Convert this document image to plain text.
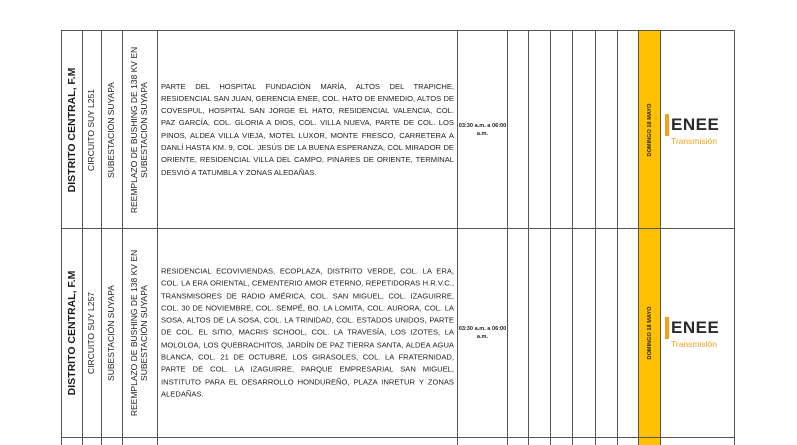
DISTRITO CENTRAL, F.M CIRCUITO SUY L251 SUBESTACIÓN SUYAPA REEMPLAZO DE BUSHING DE 138 KV EN SUBESTACIÓN SUYAPA PARTE DEL HOSPITAL FUNDACIÓN MARÍA, ALTOS DEL TRAPICHE, RESIDENCIAL SAN JUAN, GERENCIA ENEE, COL. HATO DE ENMEDIO, ALTOS DE COVESPUL, HOSPITAL SAN JORGE EL HATO, RESIDENCIAL VALENCIA, COL. PAZ GARCÍA, COL. GLORIA A DIOS, COL. VILLA NUEVA, PARTE DE COL. LOS PINOS, ALDEA VILLA VIEJA, MOTEL LUXOR, MONTE FRESCO, CARRETERA A DANLÍ HASTA KM. 9, COL. JESÚS DE LA BUENA ESPERANZA, COL MIRADOR DE ORIENTE, RESIDENCIAL VILLA DEL CAMPO, PINARES DE ORIENTE, TERMINAL DESVIÓ A TATUMBLA Y ZONAS ALEDAÑAS.
03:30 a.m. a 06:00 a.m.	DOMINGO 18 MAYO ENEE
Transmisión
DISTRITO CENTRAL, F.M CIRCUITO SUY L257 SUBESTACIÓN SUYAPA REEMPLAZO DE BUSHING DE 138 KV EN SUBESTACIÓN SUYAPA
RESIDENCIAL ECOVIVIENDAS, ECOPLAZA, DISTRITO VERDE, COL. LA ERA, COL. LA ERA ORIENTAL, CEMENTERIO AMOR ETERNO, REPETIDORAS H.R.V.C., TRANSMISORES DE RADIO AMÉRICA, COL. SAN MIGUEL, COL. IZAGUIRRE, COL. 30 DE NOVIEMBRE, COL. SEMPÉ, BO. LA LOMITA, COL. AURORA, COL. LA SOSA, ALTOS DE LA SOSA, COL. LA TRINIDAD, COL. ESTADOS UNIDOS, PARTE DE COL. EL SITIO, MACRIS SCHOOL, COL. LA TRAVESÍA, LOS IZOTES, LA MOLOLOA, LOS QUEBRACHITOS, JARDÍN DE PAZ TIERRA SANTA, ALDEA AGUA BLANCA, COL. 21 DE OCTUBRE, LOS GIRASOLES, COL. LA FRATERNIDAD, PARTE DE COL. LA IZAGUIRRE, PARQUE EMPRESARIAL SAN MIGUEL, INSTITUTO PARA EL DESARROLLO HONDUREÑO, PLAZA INRETUR Y ZONAS ALEDAÑAS.
03:30 a.m. a 06:00 a.m.	DOMINGO 18 MAYO ENEE
Transmisión
